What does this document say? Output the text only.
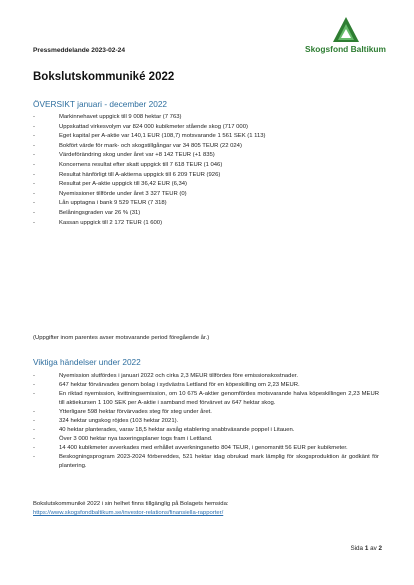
Pressmeddelande 2023-02-24	Skogsfond Baltikum
Bokslutskommuniké 2022
ÖVERSIKT januari - december 2022
-	Markinnehavet uppgick till 9 008 hektar (7 763)
-	Uppskattad virkesvolym var 824 000 kubikmeter stående skog (717 000)
-	Eget kapital per A-aktie var 140,1 EUR (108,7) motsvarande 1 561 SEK (1 113)
-	Bokfört värde för mark- och skogstillgångar var 34 805 TEUR (22 024)
-	Värdeförändring skog under året var +8 142 TEUR (+1 835)
-	Koncernens resultat efter skatt uppgick till 7 618 TEUR (1 046)
-	Resultat hänförligt till A-aktierna uppgick till 6 209 TEUR (926)
-	Resultat per A-aktie uppgick till 36,42 EUR (6,34)
-	Nyemissioner tillförde under året 3 327 TEUR (0)
-	Lån upptagna i bank 9 529 TEUR (7 318)
-	Belåningsgraden var 26 % (31)
-	Kassan uppgick till 2 172 TEUR (1 600)
(Uppgifter inom parentes avser motsvarande period föregående år.)
Viktiga händelser under 2022
-	Nyemission slutfördes i januari 2022 och cirka 2,3 MEUR tillfördes före emissionskostnader.
-	647 hektar förvärvades genom bolag i sydvästra Lettland för en köpeskilling om 2,23 MEUR.
-	En riktad nyemission, kvittningsemission, om 10 675 A-aktier genomfördes motsvarande halva köpeskillingen 2,23 MEUR till aktiekursen 1 100 SEK per A-aktie i samband med förvärvet av 647 hektar skog.
-	Ytterligare 598 hektar förvärvades steg för steg under året.
-	324 hektar ungskog röjdes (103 hektar 2021).
-	40 hektar planterades, varav 18,5 hektar avsåg etablering snabbväxande poppel i Litauen.
-	Över 3 000 hektar nya taxeringsplaner togs fram i Lettland.
-	14 400 kubikmeter avverkades med erhållet avverkningsnetto 804 TEUR, i genomsnitt 56 EUR per kubikmeter.
-	Beskogningsprogram 2023-2024 förbereddes, 521 hektar idag obrukad mark lämplig för skogsproduktion är godkänt för plantering.
Bokslutskommuniké 2022 i sin helhet finns tillgänglig på Bolagets hemsida:
https://www.skogsfondbaltikum.se/investor-relations/finansiella-rapporter/
Sida 1 av 2
